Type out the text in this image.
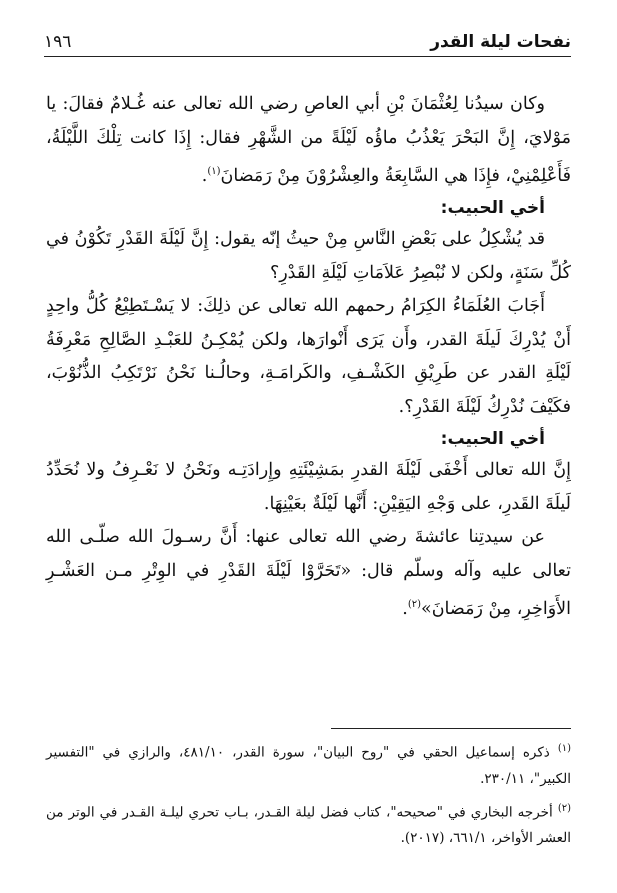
نفحات ليلة القدر
١٩٦

وكان سيدُنا لِعُثْمَانَ بْنِ أبي العاصِ رضي الله تعالى عنه غُـلامٌ فقالَ: يا مَوْلايَ، إِنَّ البَحْرَ يَعْذُبُ ماؤُه لَيْلَةً من الشَّهْرِ فقال: إِذَا كانت تِلْكَ اللَّيْلَةُ، فَأَعْلِمْنِيْ، فإِذَا هي السَّابِعَةُ والعِشْرُوْنَ مِنْ رَمَضانَ$^{(١)}$.

أخي الحبيب:

قد يُشْكِلُ على بَعْضِ النَّاسِ مِنْ حيثُ إنّه يقول: إِنَّ لَيْلَةَ القَدْرِ تَكُوْنُ في كُلِّ سَنَةٍ، ولكن لا نُبْصِرُ عَلاَمَاتِ لَيْلَةِ القَدْرِ؟

أَجَابَ العُلَمَاءُ الكِرَامُ رحمهم الله تعالى عن ذلِكَ: لا يَسْـتَطِيْعُ كُلُّ واحِدٍ أَنْ يُدْرِكَ لَيلَةَ القدر، وأَن يَرَى أَنْوارَها، ولكن يُمْكِـنُ للعَبْـدِ الصَّالِحِ مَعْرِفَةُ لَيْلَةِ القدر عن طَرِيْقِ الكَشْـفِ، والكَرامَـةِ، وحالُـنا نَحْنُ نَرْتَكِبُ الذُّنُوْبَ، فكَيْفَ نُدْرِكُ لَيْلَةَ القَدْرِ؟.

أخي الحبيب:

إِنَّ الله تعالى أَخْفَى لَيْلَةَ القدرِ بمَشِيْئَتِهِ وإِرادَتِـه ونَحْنُ لا نَعْـرِفُ ولا نُحَدِّدُ لَيلَةَ القَدرِ، على وَجْهِ اليَقِيْنِ: أَنَّها لَيْلَةٌ بعَيْنِهَا.

عن سيدتِنا عائشةَ رضي الله تعالى عنها: أَنَّ رسـولَ الله صلّـى الله تعالى عليه وآله وسلّم قال: «تَحَرَّوْا لَيْلَةَ القَدْرِ في الوِتْرِ مـن العَشْـرِ الأَوَاخِرِ، مِنْ رَمَضانَ»$^{(٢)}$.

$^{(١)}$ ذكره إسماعيل الحقي في "روح البيان"، سورة القدر، ٤٨١/١٠، والرازي في "التفسير الكبير"، ٢٣٠/١١.

$^{(٢)}$ أخرجه البخاري في "صحيحه"، كتاب فضل ليلة القـدر، بـاب تحري ليلـة القـدر في الوتر من العشر الأواخر، ٦٦١/١، (٢٠١٧).
